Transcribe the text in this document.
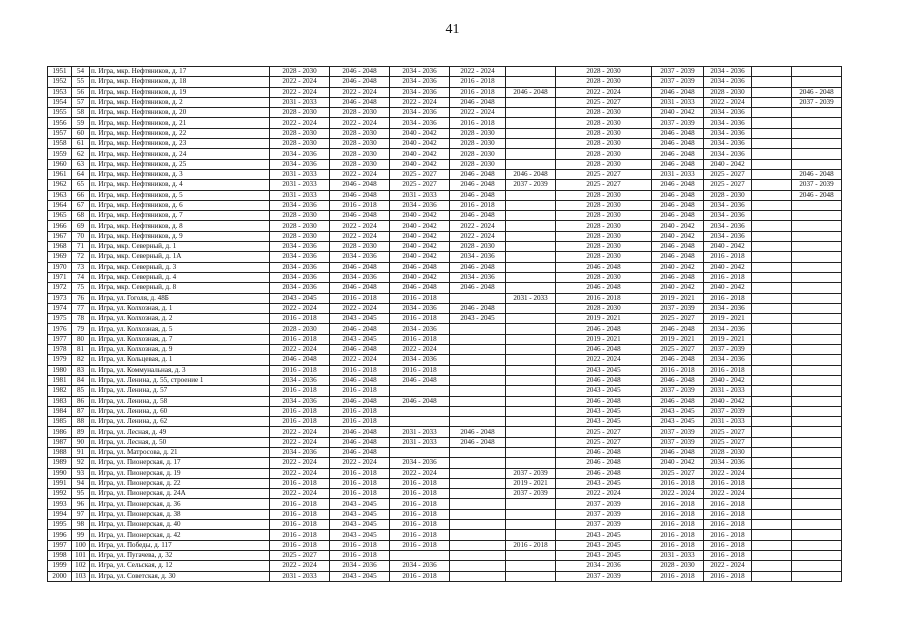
41
1951	54	п. Игра, мкр. Нефтяников, д. 17	2028 - 2030	2046 - 2048	2034 - 2036	2022 - 2024		2028 - 2030	2037 - 2039	2034 - 2036		
1952	55	п. Игра, мкр. Нефтяников, д. 18	2022 - 2024	2046 - 2048	2034 - 2036	2016 - 2018		2028 - 2030	2037 - 2039	2034 - 2036		
1953	56	п. Игра, мкр. Нефтяников, д. 19	2022 - 2024	2022 - 2024	2034 - 2036	2016 - 2018	2046 - 2048	2022 - 2024	2046 - 2048	2028 - 2030		2046 - 2048
1954	57	п. Игра, мкр. Нефтяников, д. 2	2031 - 2033	2046 - 2048	2022 - 2024	2046 - 2048		2025 - 2027	2031 - 2033	2022 - 2024		2037 - 2039
1955	58	п. Игра, мкр. Нефтяников, д. 20	2028 - 2030	2028 - 2030	2034 - 2036	2022 - 2024		2028 - 2030	2040 - 2042	2034 - 2036		
1956	59	п. Игра, мкр. Нефтяников, д. 21	2022 - 2024	2022 - 2024	2034 - 2036	2016 - 2018		2028 - 2030	2037 - 2039	2034 - 2036		
1957	60	п. Игра, мкр. Нефтяников, д. 22	2028 - 2030	2028 - 2030	2040 - 2042	2028 - 2030		2028 - 2030	2046 - 2048	2034 - 2036		
1958	61	п. Игра, мкр. Нефтяников, д. 23	2028 - 2030	2028 - 2030	2040 - 2042	2028 - 2030		2028 - 2030	2046 - 2048	2034 - 2036		
1959	62	п. Игра, мкр. Нефтяников, д. 24	2034 - 2036	2028 - 2030	2040 - 2042	2028 - 2030		2028 - 2030	2046 - 2048	2034 - 2036		
1960	63	п. Игра, мкр. Нефтяников, д. 25	2034 - 2036	2028 - 2030	2040 - 2042	2028 - 2030		2028 - 2030	2046 - 2048	2040 - 2042		
1961	64	п. Игра, мкр. Нефтяников, д. 3	2031 - 2033	2022 - 2024	2025 - 2027	2046 - 2048	2046 - 2048	2025 - 2027	2031 - 2033	2025 - 2027		2046 - 2048
1962	65	п. Игра, мкр. Нефтяников, д. 4	2031 - 2033	2046 - 2048	2025 - 2027	2046 - 2048	2037 - 2039	2025 - 2027	2046 - 2048	2025 - 2027		2037 - 2039
1963	66	п. Игра, мкр. Нефтяников, д. 5	2031 - 2033	2046 - 2048	2031 - 2033	2046 - 2048		2028 - 2030	2046 - 2048	2028 - 2030		2046 - 2048
1964	67	п. Игра, мкр. Нефтяников, д. 6	2034 - 2036	2016 - 2018	2034 - 2036	2016 - 2018		2028 - 2030	2046 - 2048	2034 - 2036		
1965	68	п. Игра, мкр. Нефтяников, д. 7	2028 - 2030	2046 - 2048	2040 - 2042	2046 - 2048		2028 - 2030	2046 - 2048	2034 - 2036		
1966	69	п. Игра, мкр. Нефтяников, д. 8	2028 - 2030	2022 - 2024	2040 - 2042	2022 - 2024		2028 - 2030	2040 - 2042	2034 - 2036		
1967	70	п. Игра, мкр. Нефтяников, д. 9	2028 - 2030	2022 - 2024	2040 - 2042	2022 - 2024		2028 - 2030	2040 - 2042	2034 - 2036		
1968	71	п. Игра, мкр. Северный, д. 1	2034 - 2036	2028 - 2030	2040 - 2042	2028 - 2030		2028 - 2030	2046 - 2048	2040 - 2042		
1969	72	п. Игра, мкр. Северный, д. 1А	2034 - 2036	2034 - 2036	2040 - 2042	2034 - 2036		2028 - 2030	2046 - 2048	2016 - 2018		
1970	73	п. Игра, мкр. Северный, д. 3	2034 - 2036	2046 - 2048	2046 - 2048	2046 - 2048		2046 - 2048	2040 - 2042	2040 - 2042		
1971	74	п. Игра, мкр. Северный, д. 4	2034 - 2036	2034 - 2036	2040 - 2042	2034 - 2036		2028 - 2030	2046 - 2048	2016 - 2018		
1972	75	п. Игра, мкр. Северный, д. 8	2034 - 2036	2046 - 2048	2046 - 2048	2046 - 2048		2046 - 2048	2040 - 2042	2040 - 2042		
1973	76	п. Игра, ул. Гоголя, д. 48Б	2043 - 2045	2016 - 2018	2016 - 2018		2031 - 2033	2016 - 2018	2019 - 2021	2016 - 2018		
1974	77	п. Игра, ул. Колхозная, д. 1	2022 - 2024	2022 - 2024	2034 - 2036	2046 - 2048		2028 - 2030	2037 - 2039	2034 - 2036		
1975	78	п. Игра, ул. Колхозная, д. 2	2016 - 2018	2043 - 2045	2016 - 2018	2043 - 2045		2019 - 2021	2025 - 2027	2019 - 2021		
1976	79	п. Игра, ул. Колхозная, д. 5	2028 - 2030	2046 - 2048	2034 - 2036			2046 - 2048	2046 - 2048	2034 - 2036		
1977	80	п. Игра, ул. Колхозная, д. 7	2016 - 2018	2043 - 2045	2016 - 2018			2019 - 2021	2019 - 2021	2019 - 2021		
1978	81	п. Игра, ул. Колхозная, д. 9	2022 - 2024	2046 - 2048	2022 - 2024			2046 - 2048	2025 - 2027	2037 - 2039		
1979	82	п. Игра, ул. Кольцевая, д. 1	2046 - 2048	2022 - 2024	2034 - 2036			2022 - 2024	2046 - 2048	2034 - 2036		
1980	83	п. Игра, ул. Коммунальная, д. 3	2016 - 2018	2016 - 2018	2016 - 2018			2043 - 2045	2016 - 2018	2016 - 2018		
1981	84	п. Игра, ул. Ленина, д. 55, строение 1	2034 - 2036	2046 - 2048	2046 - 2048			2046 - 2048	2046 - 2048	2040 - 2042		
1982	85	п. Игра, ул. Ленина, д. 57	2016 - 2018	2016 - 2018				2043 - 2045	2037 - 2039	2031 - 2033		
1983	86	п. Игра, ул. Ленина, д. 58	2034 - 2036	2046 - 2048	2046 - 2048			2046 - 2048	2046 - 2048	2040 - 2042		
1984	87	п. Игра, ул. Ленина, д. 60	2016 - 2018	2016 - 2018				2043 - 2045	2043 - 2045	2037 - 2039		
1985	88	п. Игра, ул. Ленина, д. 62	2016 - 2018	2016 - 2018				2043 - 2045	2043 - 2045	2031 - 2033		
1986	89	п. Игра, ул. Лесная, д. 49	2022 - 2024	2046 - 2048	2031 - 2033	2046 - 2048		2025 - 2027	2037 - 2039	2025 - 2027		
1987	90	п. Игра, ул. Лесная, д. 50	2022 - 2024	2046 - 2048	2031 - 2033	2046 - 2048		2025 - 2027	2037 - 2039	2025 - 2027		
1988	91	п. Игра, ул. Матросова, д. 21	2034 - 2036	2046 - 2048				2046 - 2048	2046 - 2048	2028 - 2030		
1989	92	п. Игра, ул. Пионерская, д. 17	2022 - 2024	2022 - 2024	2034 - 2036			2046 - 2048	2040 - 2042	2034 - 2036		
1990	93	п. Игра, ул. Пионерская, д. 19	2022 - 2024	2016 - 2018	2022 - 2024		2037 - 2039	2046 - 2048	2025 - 2027	2022 - 2024		
1991	94	п. Игра, ул. Пионерская, д. 22	2016 - 2018	2016 - 2018	2016 - 2018		2019 - 2021	2043 - 2045	2016 - 2018	2016 - 2018		
1992	95	п. Игра, ул. Пионерская, д. 24А	2022 - 2024	2016 - 2018	2016 - 2018		2037 - 2039	2022 - 2024	2022 - 2024	2022 - 2024		
1993	96	п. Игра, ул. Пионерская, д. 36	2016 - 2018	2043 - 2045	2016 - 2018			2037 - 2039	2016 - 2018	2016 - 2018		
1994	97	п. Игра, ул. Пионерская, д. 38	2016 - 2018	2043 - 2045	2016 - 2018			2037 - 2039	2016 - 2018	2016 - 2018		
1995	98	п. Игра, ул. Пионерская, д. 40	2016 - 2018	2043 - 2045	2016 - 2018			2037 - 2039	2016 - 2018	2016 - 2018		
1996	99	п. Игра, ул. Пионерская, д. 42	2016 - 2018	2043 - 2045	2016 - 2018			2043 - 2045	2016 - 2018	2016 - 2018		
1997	100	п. Игра, ул. Победы, д. 117	2016 - 2018	2016 - 2018	2016 - 2018		2016 - 2018	2043 - 2045	2016 - 2018	2016 - 2018		
1998	101	п. Игра, ул. Пугачева, д. 32	2025 - 2027	2016 - 2018				2043 - 2045	2031 - 2033	2016 - 2018		
1999	102	п. Игра, ул. Сельская, д. 12	2022 - 2024	2034 - 2036	2034 - 2036			2034 - 2036	2028 - 2030	2022 - 2024		
2000	103	п. Игра, ул. Советская, д. 30	2031 - 2033	2043 - 2045	2016 - 2018			2037 - 2039	2016 - 2018	2016 - 2018		
